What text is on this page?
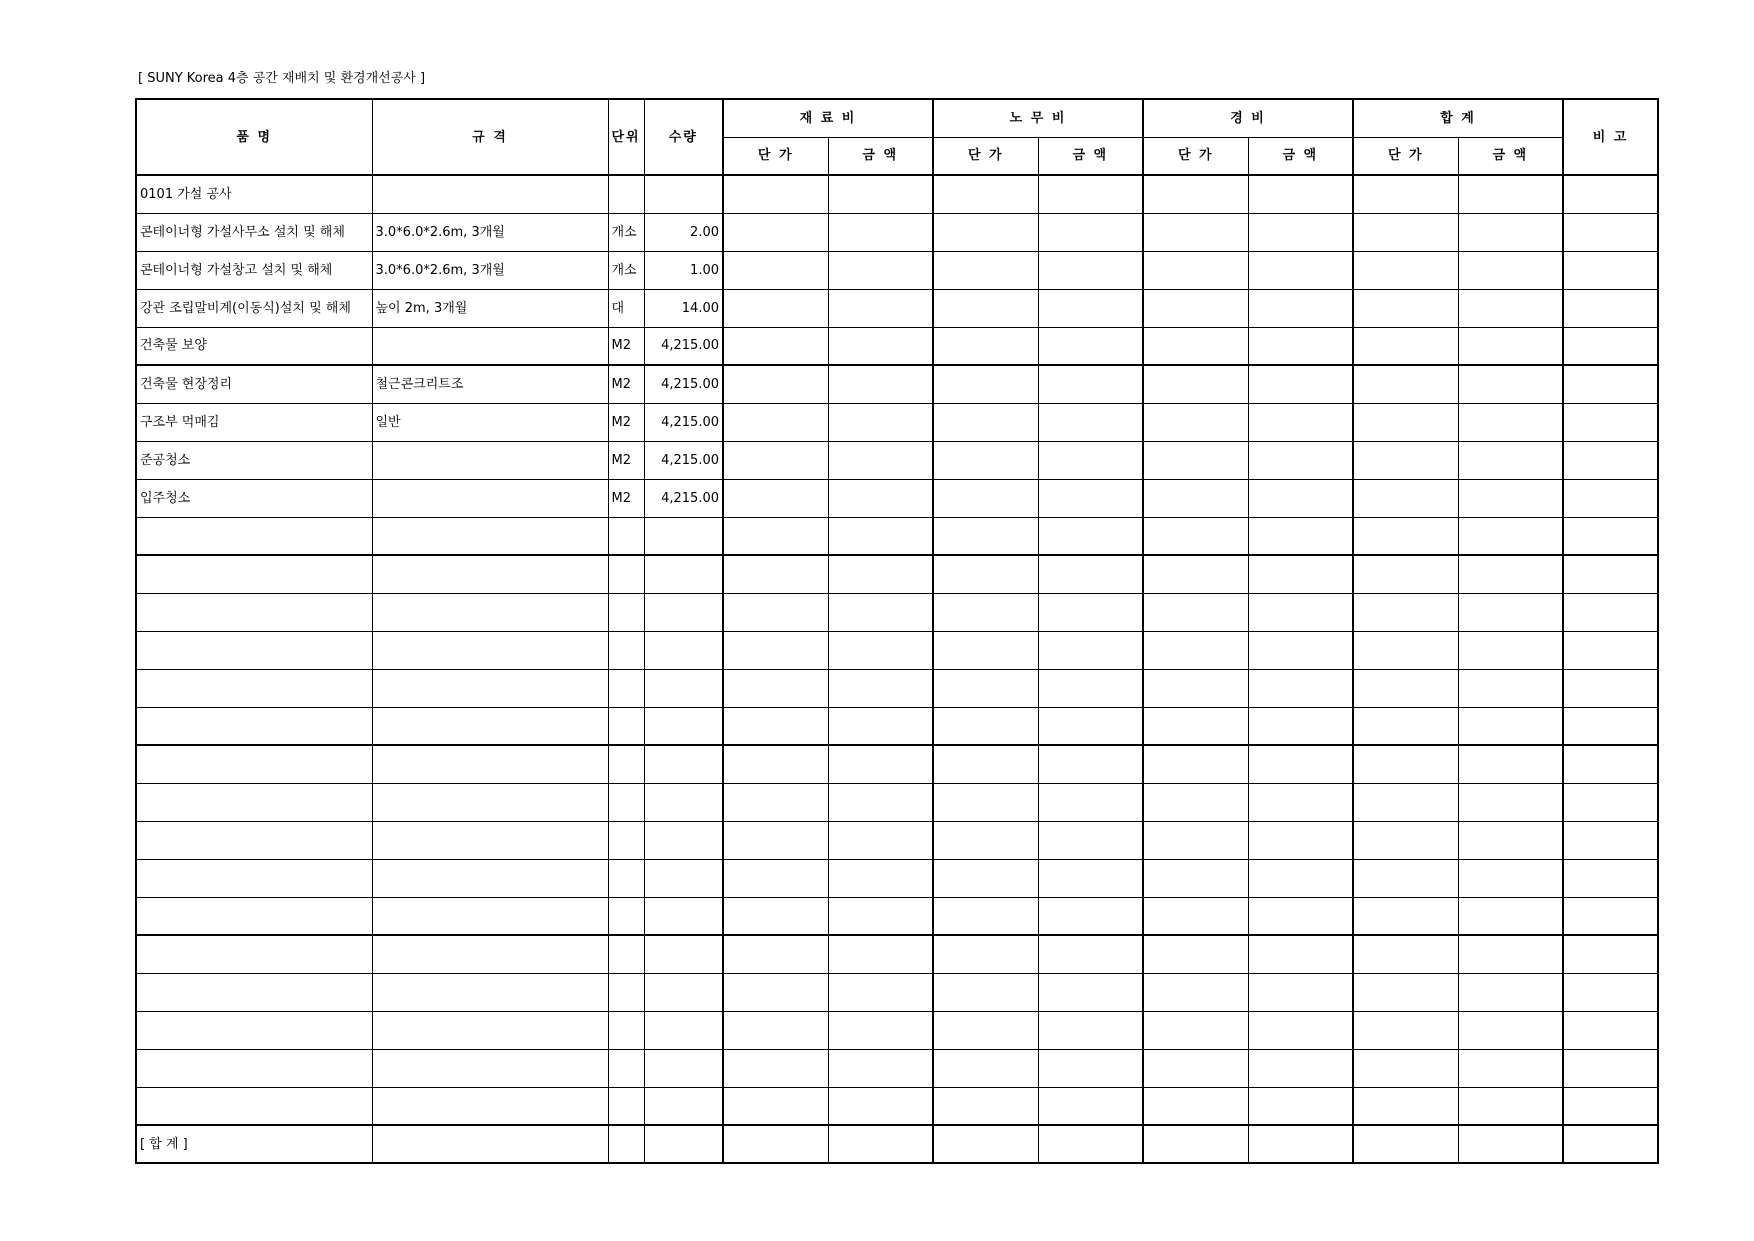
[ SUNY Korea 4층 공간 재배치 및 환경개선공사 ]
품 명	규 격	단위	수량	재 료 비		노 무 비		경 비		합 계		비 고
				단 가	금 액	단 가	금 액	단 가	금 액	단 가	금 액	
0101 가설 공사												
콘테이너형 가설사무소 설치 및 해체	3.0*6.0*2.6m, 3개월	개소	2.00									
콘테이너형 가설창고 설치 및 해체	3.0*6.0*2.6m, 3개월	개소	1.00									
강관 조립말비계(이동식)설치 및 해체	높이 2m, 3개월	대	14.00									
건축물 보양		M2	4,215.00									
건축물 현장정리	철근콘크리트조	M2	4,215.00									
구조부 먹매김	일반	M2	4,215.00									
준공청소		M2	4,215.00									
입주청소		M2	4,215.00									

[ 합 계 ]												
